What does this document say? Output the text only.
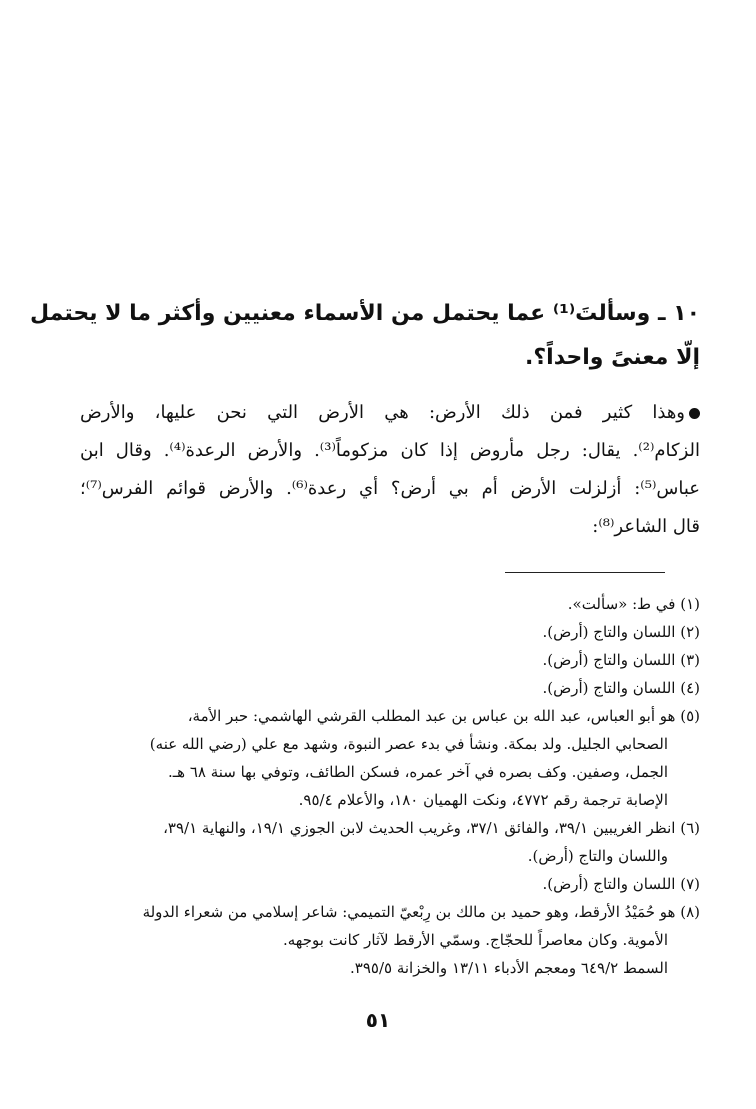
١٠ ـ وسألتَ⁽¹⁾ عما يحتمل من الأسماء معنيين وأكثر ما لا يحتمل
إلّا معنىً واحداً؟.
وهذا كثير فمن ذلك الأرض: هي الأرض التي نحن عليها، والأرض
الزكام⁽²⁾. يقال: رجل مأروض إذا كان مزكوماً⁽³⁾. والأرض الرعدة⁽⁴⁾. وقال ابن
عباس⁽⁵⁾: أزلزلت الأرض أم بي أرض؟ أي رعدة⁽⁶⁾. والأرض قوائم الفرس⁽⁷⁾؛
قال الشاعر⁽⁸⁾:
(١) في ط: «سألت».
(٢) اللسان والتاج (أرض).
(٣) اللسان والتاج (أرض).
(٤) اللسان والتاج (أرض).
(٥) هو أبو العباس، عبد الله بن عباس بن عبد المطلب القرشي الهاشمي: حبر الأمة،
الصحابي الجليل. ولد بمكة. ونشأ في بدء عصر النبوة، وشهد مع علي (رضي الله عنه)
الجمل، وصفين. وكف بصره في آخر عمره، فسكن الطائف، وتوفي بها سنة ٦٨ هـ.
الإصابة ترجمة رقم ٤٧٧٢، ونكت الهميان ١٨٠، والأعلام ٩٥/٤.
(٦) انظر الغريبين ٣٩/١، والفائق ٣٧/١، وغريب الحديث لابن الجوزي ١٩/١، والنهاية ٣٩/١،
واللسان والتاج (أرض).
(٧) اللسان والتاج (أرض).
(٨) هو حُمَيْدُ الأرقط، وهو حميد بن مالك بن رِبْعيّ التميمي: شاعر إسلامي من شعراء الدولة
الأموية. وكان معاصراً للحجّاج. وسمّي الأرقط لآثار كانت بوجهه.
السمط ٦٤٩/٢ ومعجم الأدباء ١٣/١١ والخزانة ٣٩٥/٥.
٥١
